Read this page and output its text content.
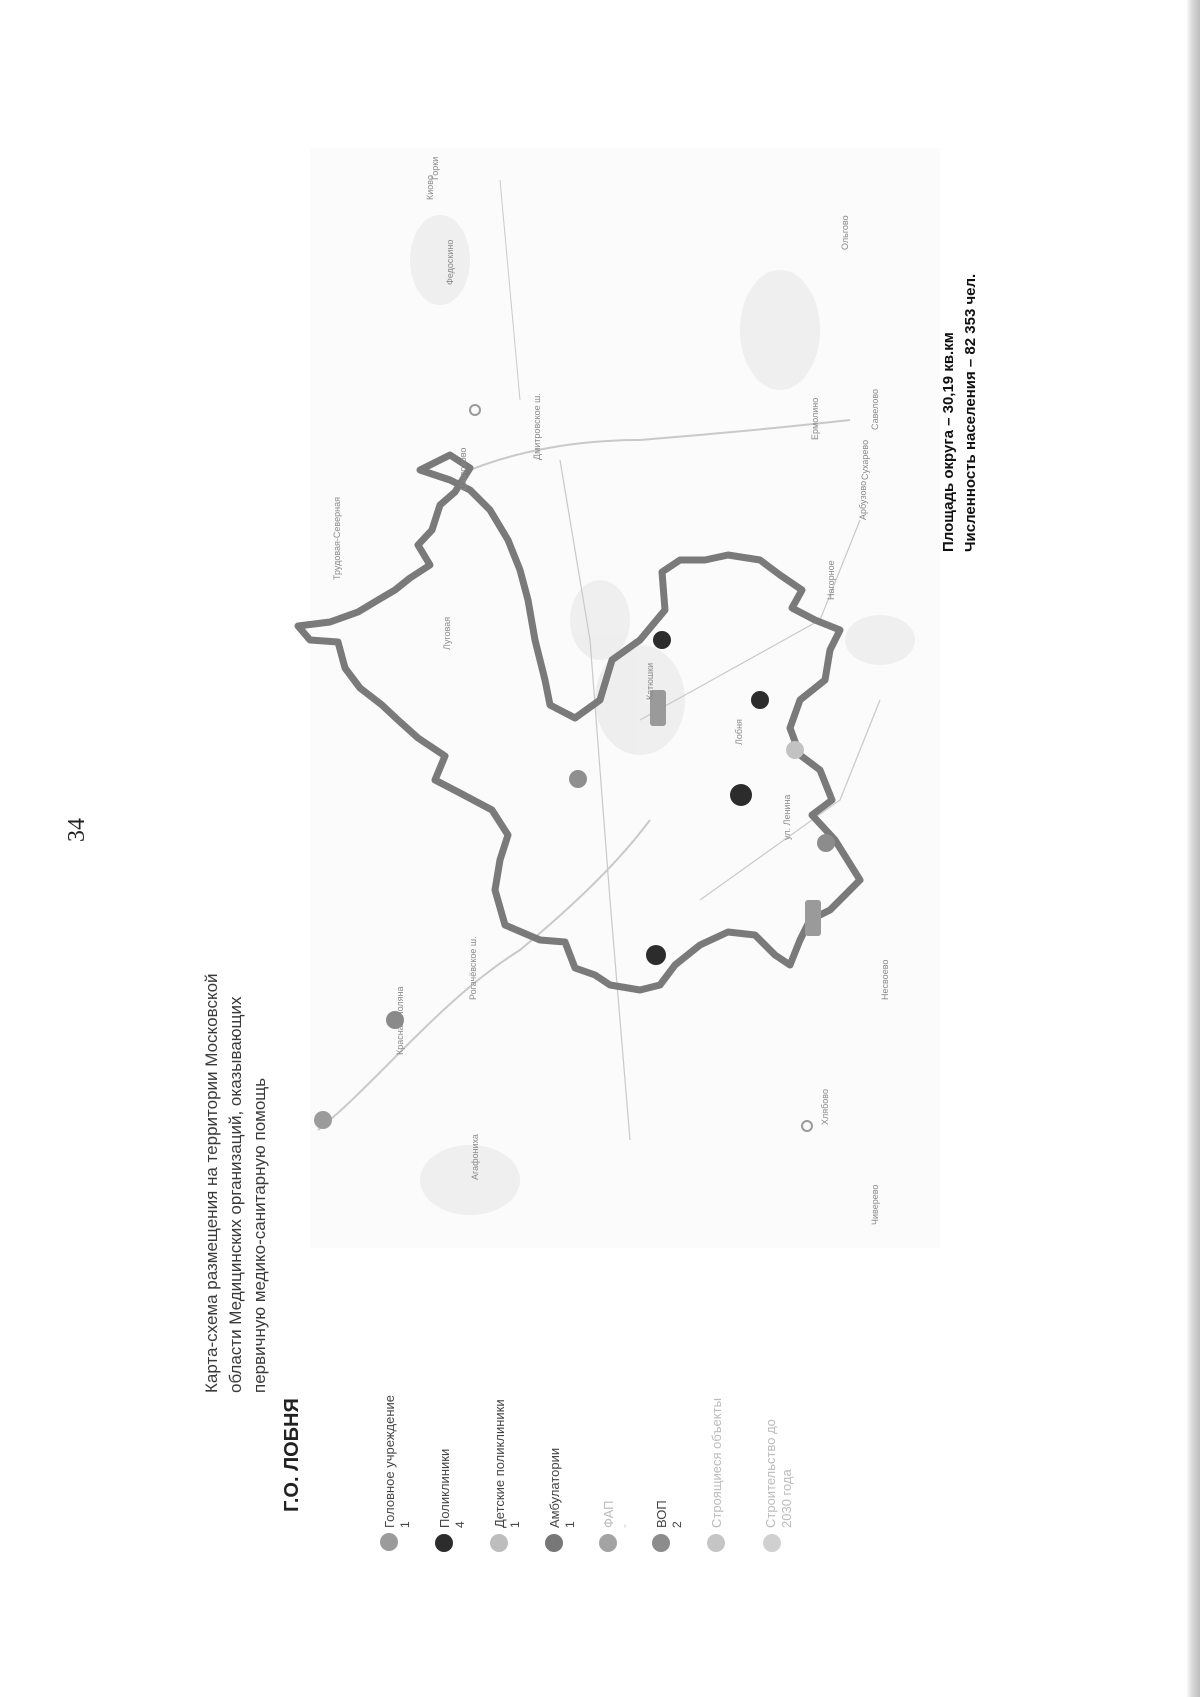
34
Луговая
Лобня
Шолохово
Киово
Красная Поляна
Катюшки
Нагорное
Хлябово
Сухарево
Ольгово
Чиверево
Агафониха
Горки
Ермолино
Федоскино
Трудовая-Северная
Савелово
Несвоево
Арбузово
Дмитровское ш.
Рогачёвское ш.
ул. Ленина
Карта-схема размещения на территории Московской области Медицинских организаций, оказывающих первичную медико-санитарную помощь
Г.О. ЛОБНЯ	Головное учреждение 1 Поликлиники 4 Детские поликлиники 1 Амбулатории 1 ФАП - ВОП 2 Строящиеся объекты	Строительство до 2030 года
Площадь округа – 30,19 кв.км Численность населения – 82 353 чел.
